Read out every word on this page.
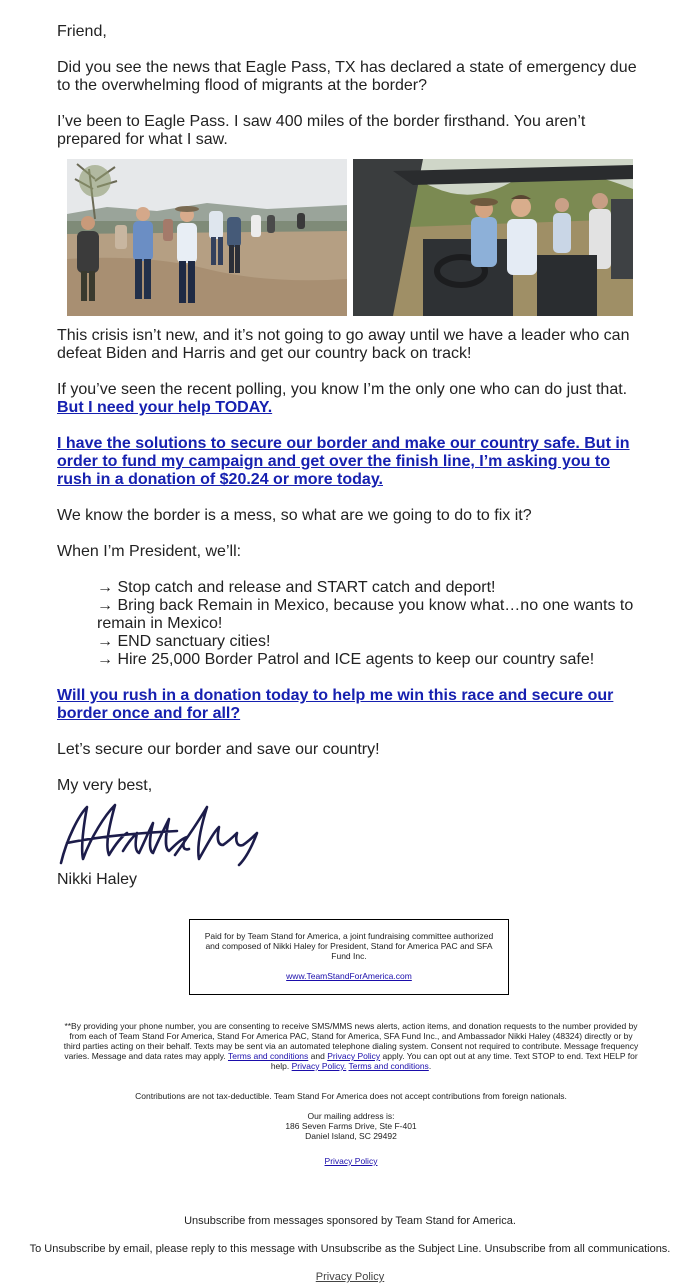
Friend,

Did you see the news that Eagle Pass, TX has declared a state of emergency due to the overwhelming flood of migrants at the border?

I’ve been to Eagle Pass. I saw 400 miles of the border firsthand. You aren’t prepared for what I saw.

This crisis isn’t new, and it’s not going to go away until we have a leader who can defeat Biden and Harris and get our country back on track!

If you’ve seen the recent polling, you know I’m the only one who can do just that.

But I need your help TODAY.
I have the solutions to secure our border and make our country safe. But in order to fund my campaign and get over the finish line, I’m asking you to rush in a donation of $20.24 or more today.

We know the border is a mess, so what are we going to do to fix it?

When I’m President, we’ll:

→ Stop catch and release and START catch and deport!
→ Bring back Remain in Mexico, because you know what…no one wants to remain in Mexico!
→ END sanctuary cities!
→ Hire 25,000 Border Patrol and ICE agents to keep our country safe!
Will you rush in a donation today to help me win this race and secure our border once and for all?

Let’s secure our border and save our country!

My very best,

Nikki Haley

Paid for by Team Stand for America, a joint fundraising committee authorized and composed of Nikki Haley for President, Stand for America PAC and SFA Fund Inc.
www.TeamStandForAmerica.com
**By providing your phone number, you are consenting to receive SMS/MMS news alerts, action items, and donation requests to the number provided by from each of Team Stand For America, Stand For America PAC, Stand for America, SFA Fund Inc., and Ambassador Nikki Haley (48324) directly or by third parties acting on their behalf. Texts may be sent via an automated telephone dialing system. Consent not required to contribute. Message frequency varies. Message and data rates may apply. Terms and conditions and Privacy Policy apply. You can opt out at any time. Text STOP to end. Text HELP for help. Privacy Policy. Terms and conditions.
Contributions are not tax-deductible. Team Stand For America does not accept contributions from foreign nationals.
Our mailing address is:
186 Seven Farms Drive, Ste F-401
Daniel Island, SC 29492
Privacy Policy
Unsubscribe from messages sponsored by Team Stand for America.
To Unsubscribe by email, please reply to this message with Unsubscribe as the Subject Line. Unsubscribe from all communications.
Privacy Policy
